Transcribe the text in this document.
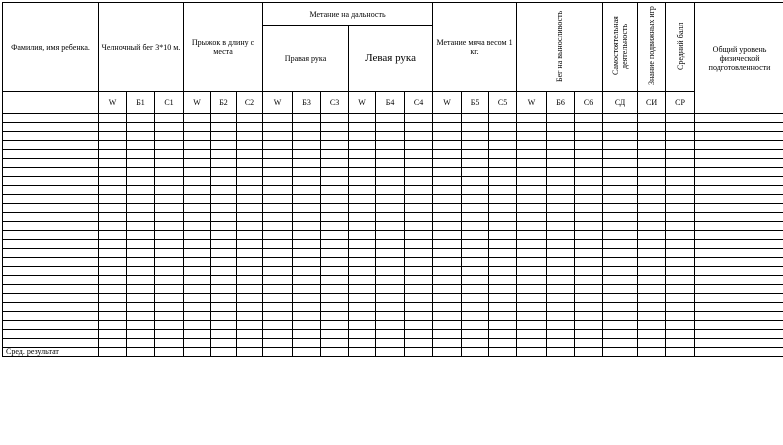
Фамилия, имя ребенка.	Челночный бег 3*10 м.			Прыжок в длину с места			Метание на дальность						Метание мяча весом 1 кг.			Бег на выносливость			Самостоятельная деятельность	Знание подвижных игр	Средний балл	Общий уровень физической подготовленности
							Правая рука			Левая рука												
	W	Б1	С1	W	Б2	С2	W	Б3	С3	W	Б4	С4	W	Б5	С5	W	Б6	С6	СД	СИ	СР	

Сред. результат																						
